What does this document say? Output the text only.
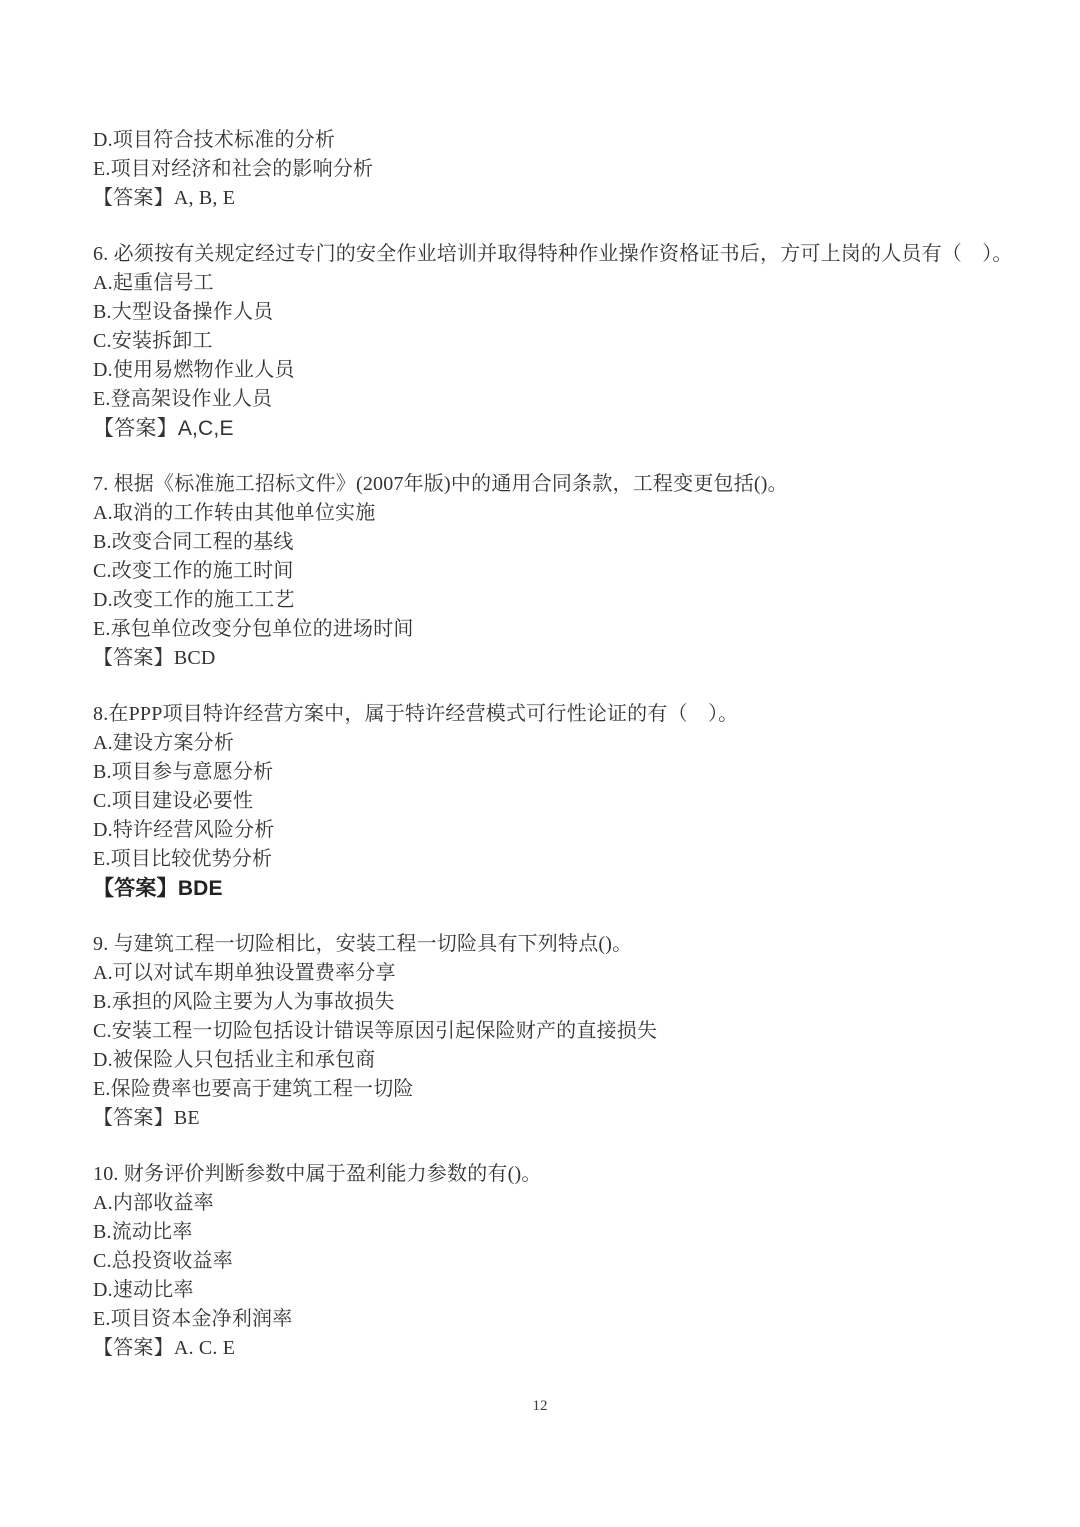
D.项目符合技术标准的分析

E.项目对经济和社会的影响分析

【答案】A, B, E

6. 必须按有关规定经过专门的安全作业培训并取得特种作业操作资格证书后，方可上岗的人员有（　）。

A.起重信号工

B.大型设备操作人员

C.安装拆卸工

D.使用易燃物作业人员

E.登高架设作业人员

【答案】A,C,E

7. 根据《标准施工招标文件》(2007年版)中的通用合同条款，工程变更包括()。

A.取消的工作转由其他单位实施

B.改变合同工程的基线

C.改变工作的施工时间

D.改变工作的施工工艺

E.承包单位改变分包单位的进场时间

【答案】BCD

8.在PPP项目特许经营方案中，属于特许经营模式可行性论证的有（　）。

A.建设方案分析

B.项目参与意愿分析

C.项目建设必要性

D.特许经营风险分析

E.项目比较优势分析

【答案】BDE

9. 与建筑工程一切险相比，安装工程一切险具有下列特点()。

A.可以对试车期单独设置费率分享

B.承担的风险主要为人为事故损失

C.安装工程一切险包括设计错误等原因引起保险财产的直接损失

D.被保险人只包括业主和承包商

E.保险费率也要高于建筑工程一切险

【答案】BE

10. 财务评价判断参数中属于盈利能力参数的有()。

A.内部收益率

B.流动比率

C.总投资收益率

D.速动比率

E.项目资本金净利润率

【答案】A. C. E

12
